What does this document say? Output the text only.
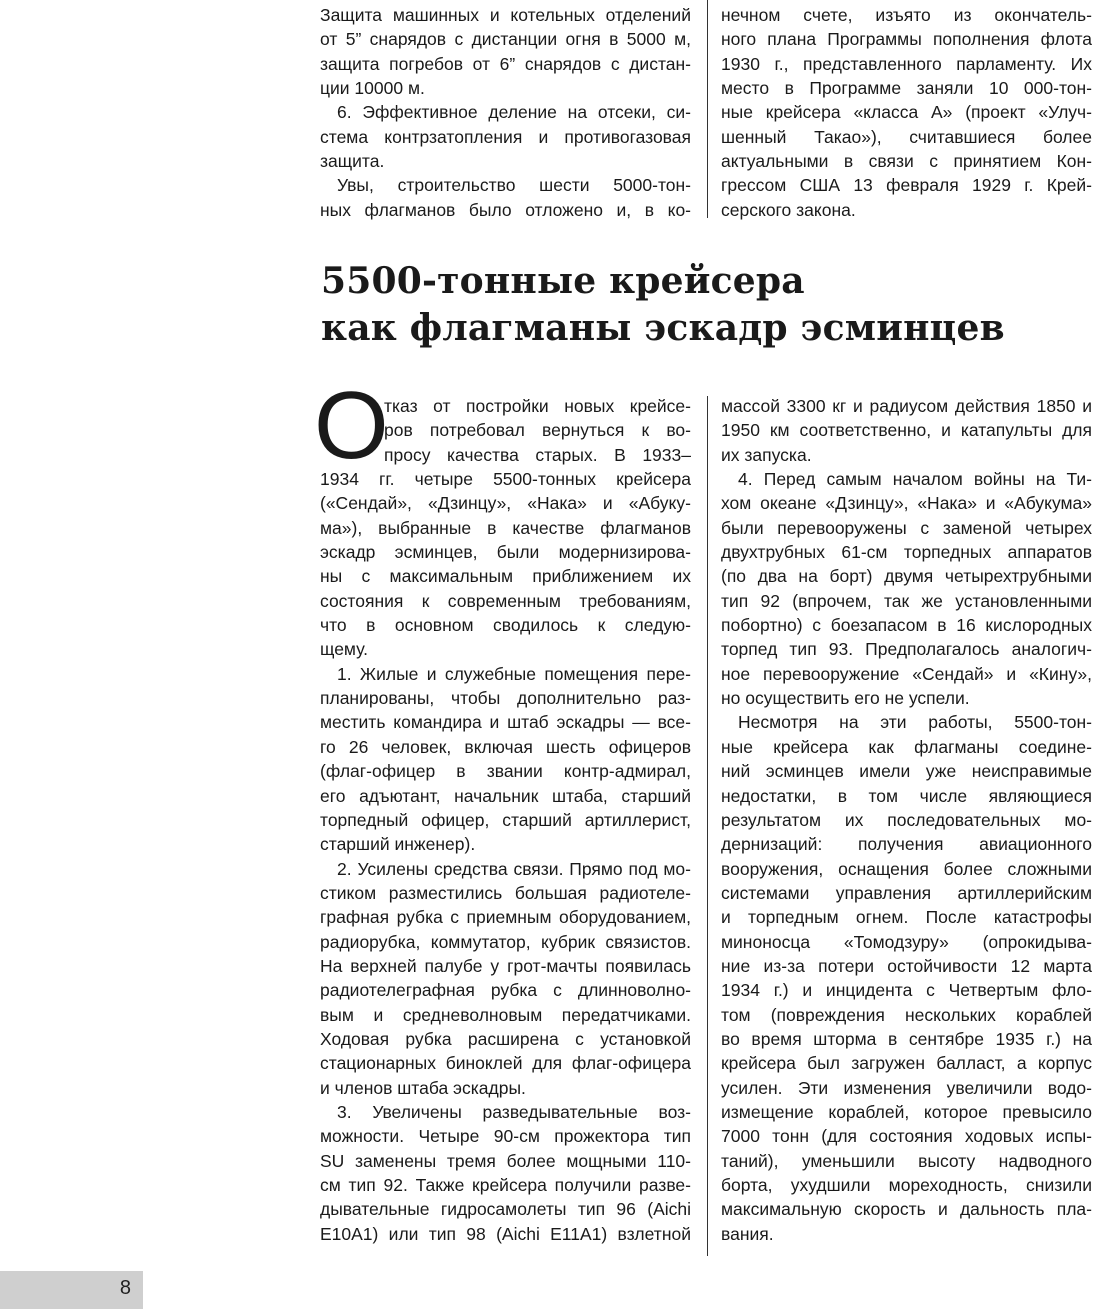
Защита машинных и котельных отделений
от 5” снарядов с дистанции огня в 5000 м,
защита погребов от 6” снарядов с дистан-
ции 10000 м.
6. Эффективное деление на отсеки, си-
стема контрзатопления и противогазовая
защита.
Увы, строительство шести 5000-тон-
ных флагманов было отложено и, в ко-
нечном счете, изъято из окончатель-
ного плана Программы пополнения флота
1930 г., представленного парламенту. Их
место в Программе заняли 10 000-тон-
ные крейсера «класса А» (проект «Улуч-
шенный Такао»), считавшиеся более
актуальными в связи с принятием Кон-
грессом США 13 февраля 1929 г. Крей-
серского закона.
5500-тонные крейсера
как флагманы эскадр эсминцев
О
тказ от постройки новых крейсе-
ров потребовал вернуться к во-
просу качества старых. В 1933–
1934 гг. четыре 5500-тонных крейсера
(«Сендай», «Дзинцу», «Нака» и «Абуку-
ма»), выбранные в качестве флагманов
эскадр эсминцев, были модернизирова-
ны с максимальным приближением их
состояния к современным требованиям,
что в основном сводилось к следую-
щему.
1. Жилые и служебные помещения пере-
планированы, чтобы дополнительно раз-
местить командира и штаб эскадры — все-
го 26 человек, включая шесть офицеров
(флаг-офицер в звании контр-адмирал,
его адъютант, начальник штаба, старший
торпедный офицер, старший артиллерист,
старший инженер).
2. Усилены средства связи. Прямо под мо-
стиком разместились большая радиотеле-
графная рубка с приемным оборудованием,
радиорубка, коммутатор, кубрик связистов.
На верхней палубе у грот-мачты появилась
радиотелеграфная рубка с длинноволно-
вым и средневолновым передатчиками.
Ходовая рубка расширена с установкой
стационарных биноклей для флаг-офицера
и членов штаба эскадры.
3. Увеличены разведывательные воз-
можности. Четыре 90-см прожектора тип
SU заменены тремя более мощными 110-
см тип 92. Также крейсера получили разве-
дывательные гидросамолеты тип 96 (Aichi
E10A1) или тип 98 (Aichi E11A1) взлетной
массой 3300 кг и радиусом действия 1850 и
1950 км соответственно, и катапульты для
их запуска.
4. Перед самым началом войны на Ти-
хом океане «Дзинцу», «Нака» и «Абукума»
были перевооружены с заменой четырех
двухтрубных 61-см торпедных аппаратов
(по два на борт) двумя четырехтрубными
тип 92 (впрочем, так же установленными
побортно) с боезапасом в 16 кислородных
торпед тип 93. Предполагалось аналогич-
ное перевооружение «Сендай» и «Кину»,
но осуществить его не успели.
Несмотря на эти работы, 5500-тон-
ные крейсера как флагманы соедине-
ний эсминцев имели уже неисправимые
недостатки, в том числе являющиеся
результатом их последовательных мо-
дернизаций: получения авиационного
вооружения, оснащения более сложными
системами управления артиллерийским
и торпедным огнем. После катастрофы
миноносца «Томодзуру» (опрокидыва-
ние из-за потери остойчивости 12 марта
1934 г.) и инцидента с Четвертым фло-
том (повреждения нескольких кораблей
во время шторма в сентябре 1935 г.) на
крейсера был загружен балласт, а корпус
усилен. Эти изменения увеличили водо-
измещение кораблей, которое превысило
7000 тонн (для состояния ходовых испы-
таний), уменьшили высоту надводного
борта, ухудшили мореходность, снизили
максимальную скорость и дальность пла-
вания.
8
